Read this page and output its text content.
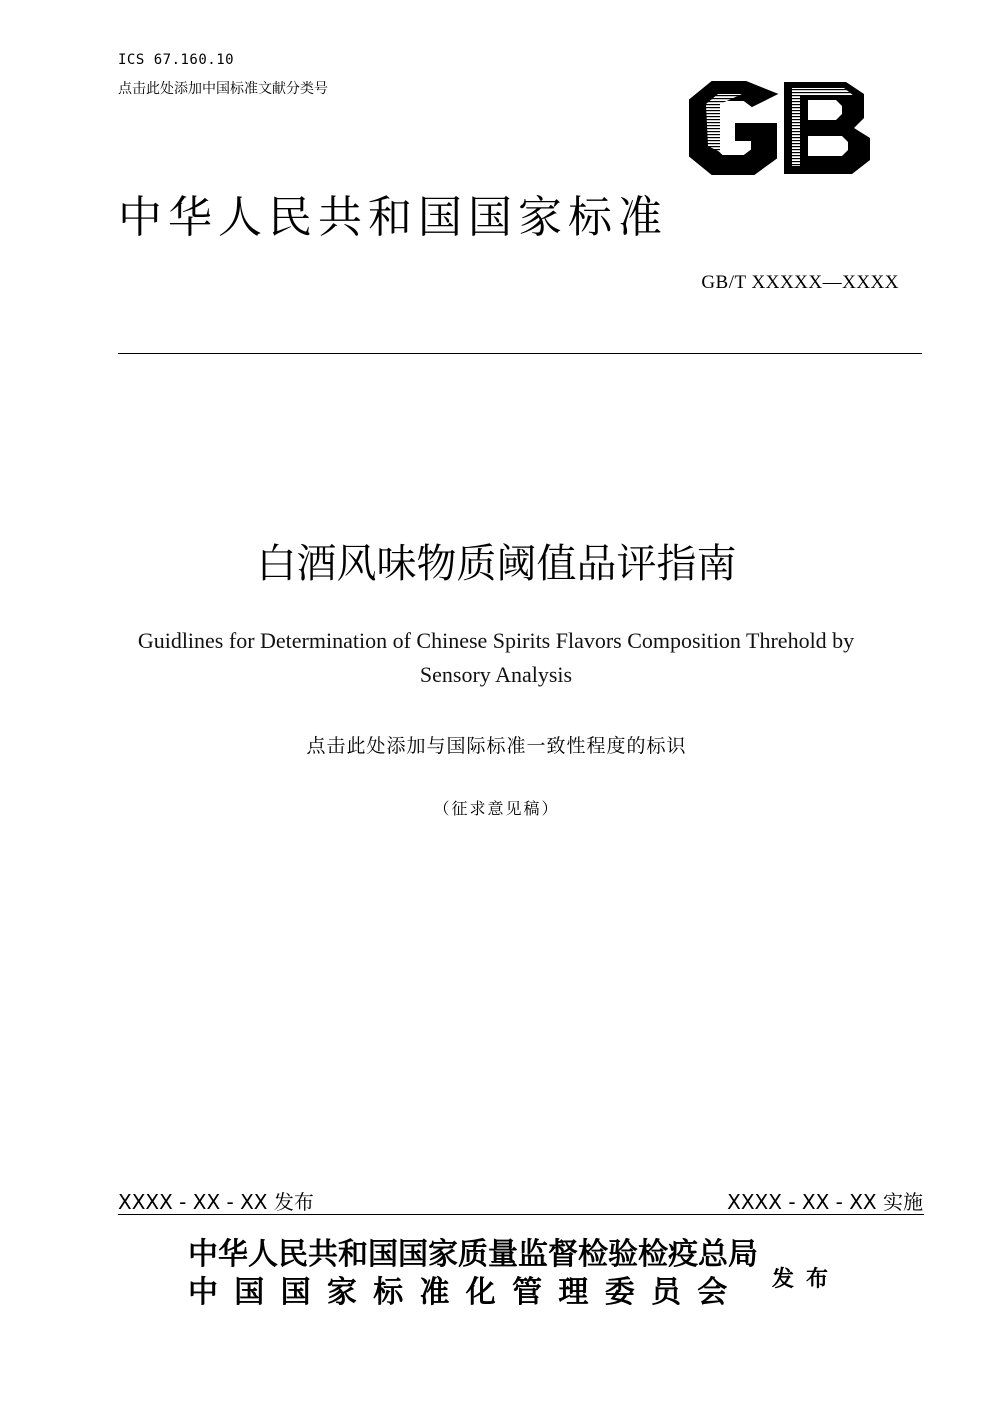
ICS 67.160.10
点击此处添加中国标准文献分类号
中华人民共和国国家标准
GB/T XXXXX—XXXX
白酒风味物质阈值品评指南
Guidlines for Determination of Chinese Spirits Flavors Composition Threhold by
Sensory Analysis
点击此处添加与国际标准一致性程度的标识
（征求意见稿）
XXXX - XX - XX 发布	XXXX - XX - XX 实施
中华人民共和国国家质量监督检验检疫总局
中国国家标准化管理委员会 发布
